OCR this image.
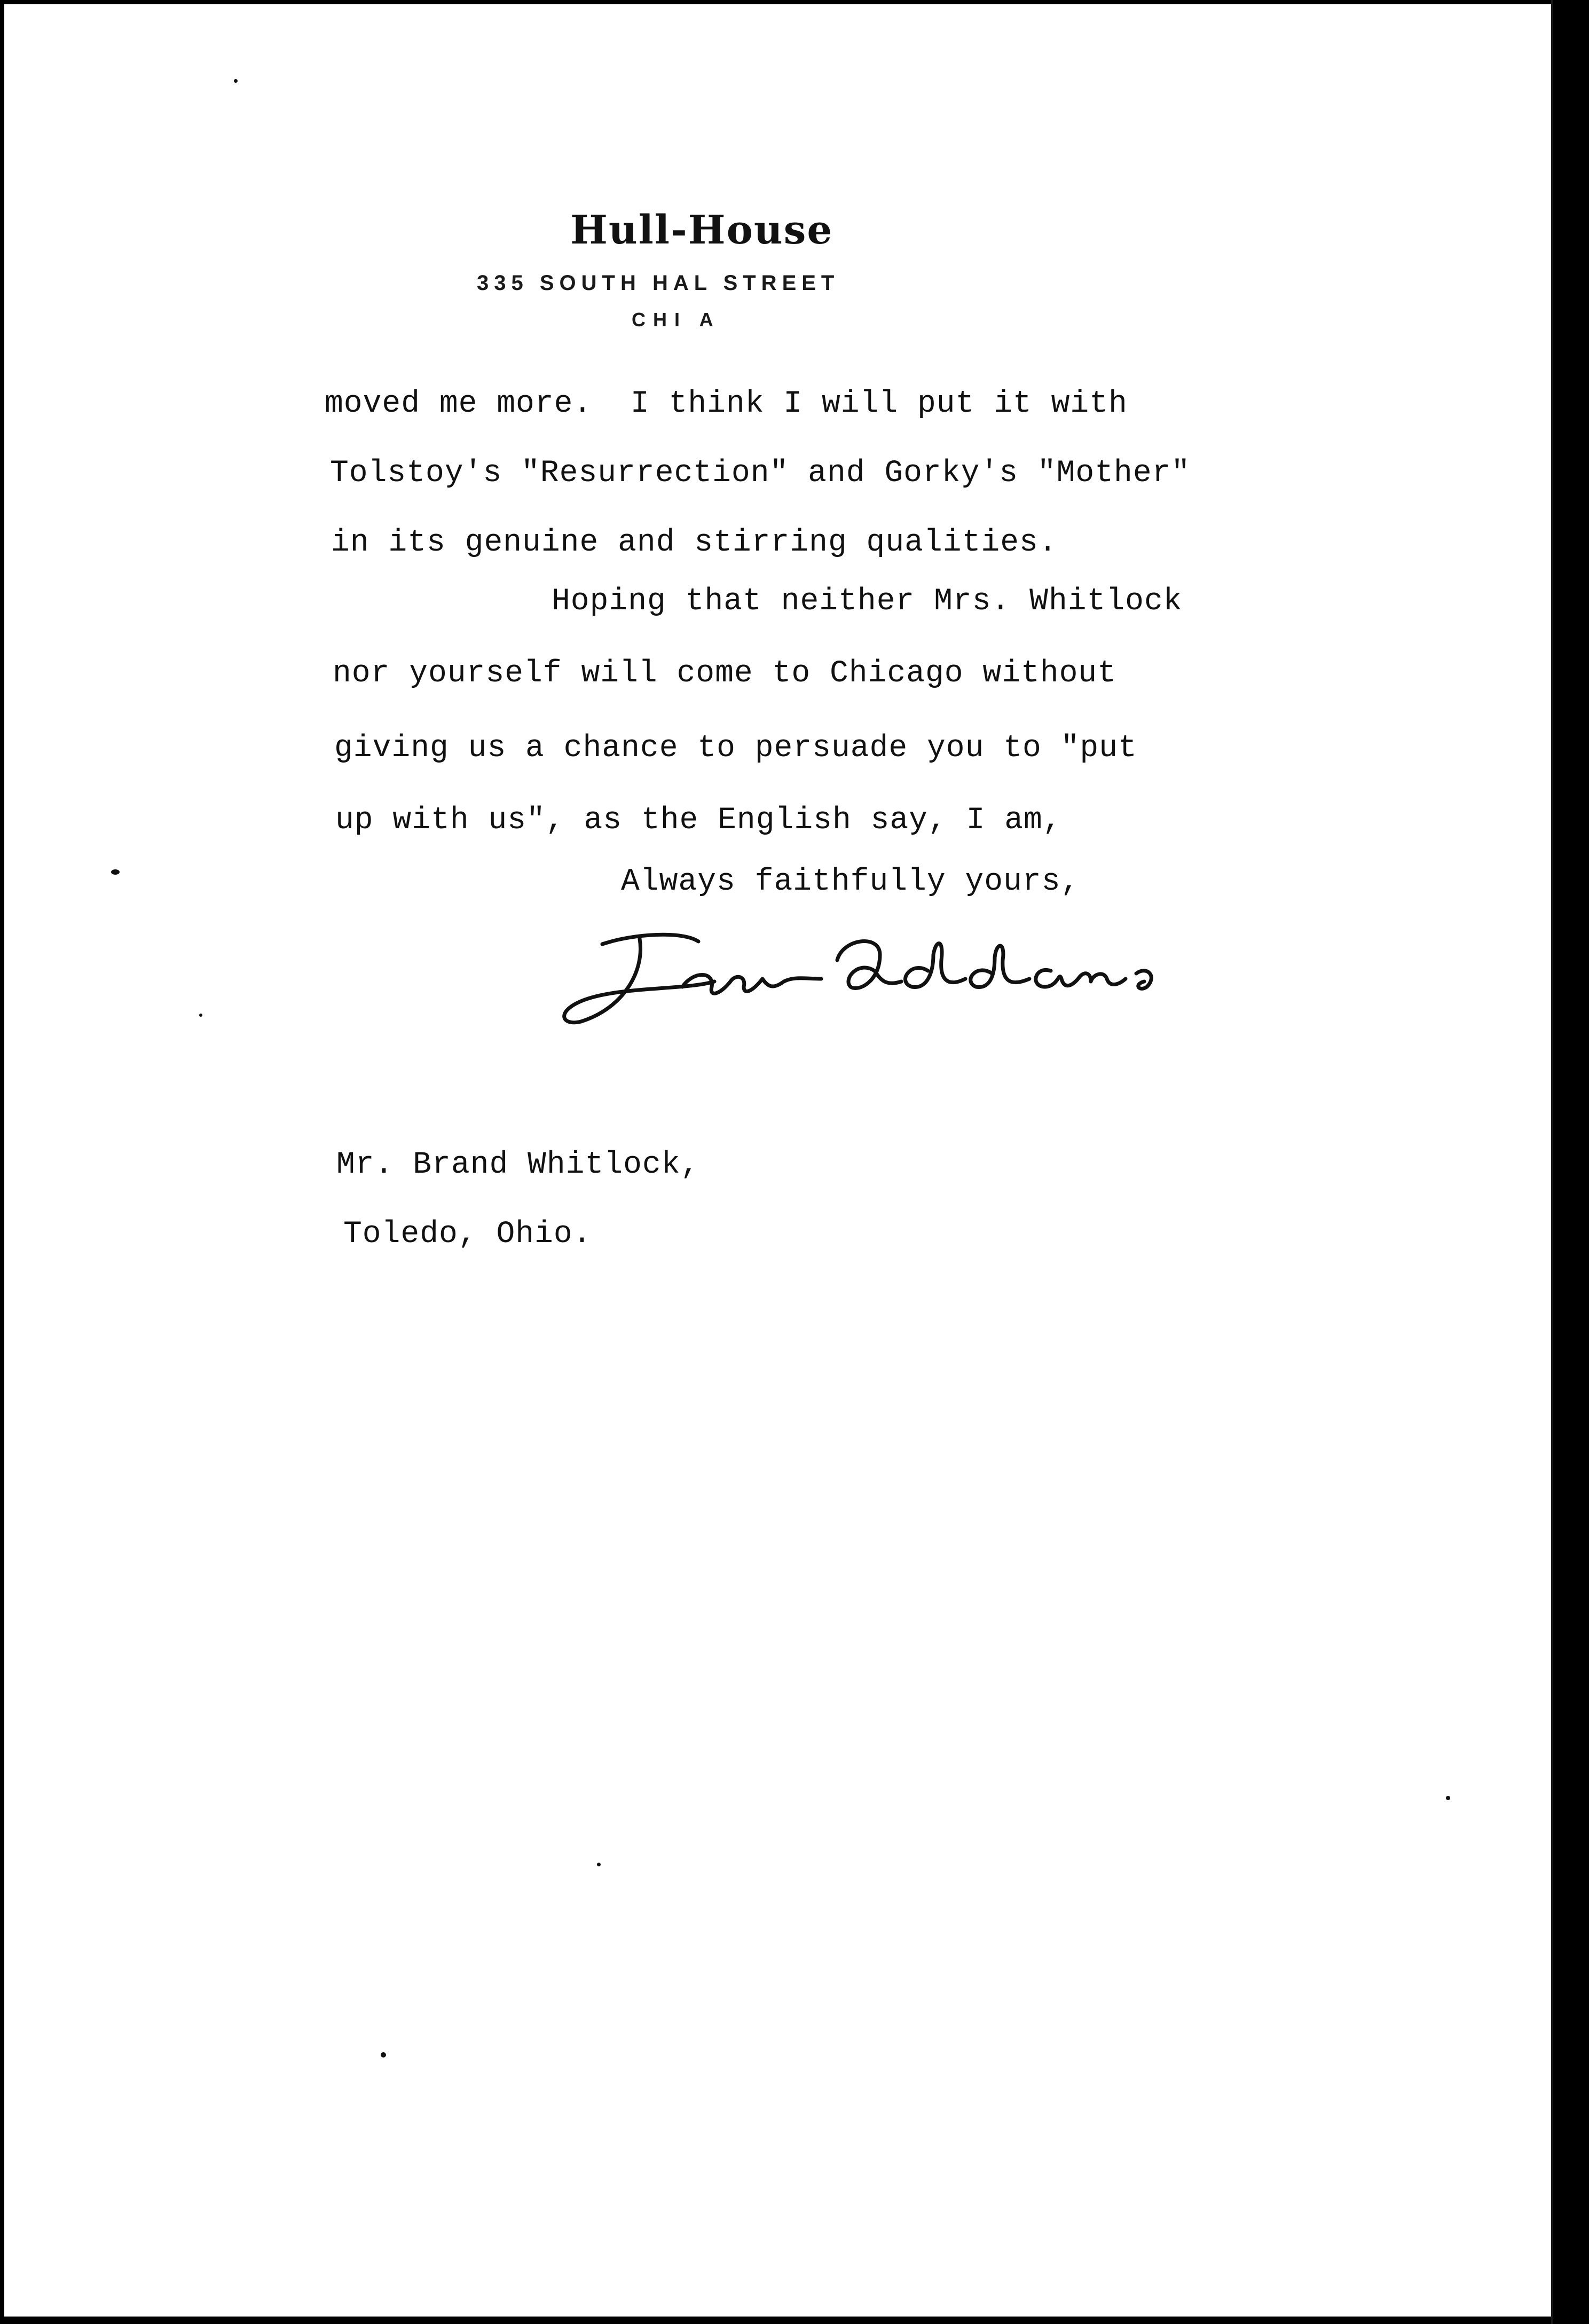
Hull-House
335 SOUTH HAL STREET
CHI A
moved me more.  I think I will put it with
Tolstoy's "Resurrection" and Gorky's "Mother"
in its genuine and stirring qualities.
Hoping that neither Mrs. Whitlock
nor yourself will come to Chicago without
giving us a chance to persuade you to "put
up with us", as the English say, I am,
Always faithfully yours,
Mr. Brand Whitlock,
Toledo, Ohio.
